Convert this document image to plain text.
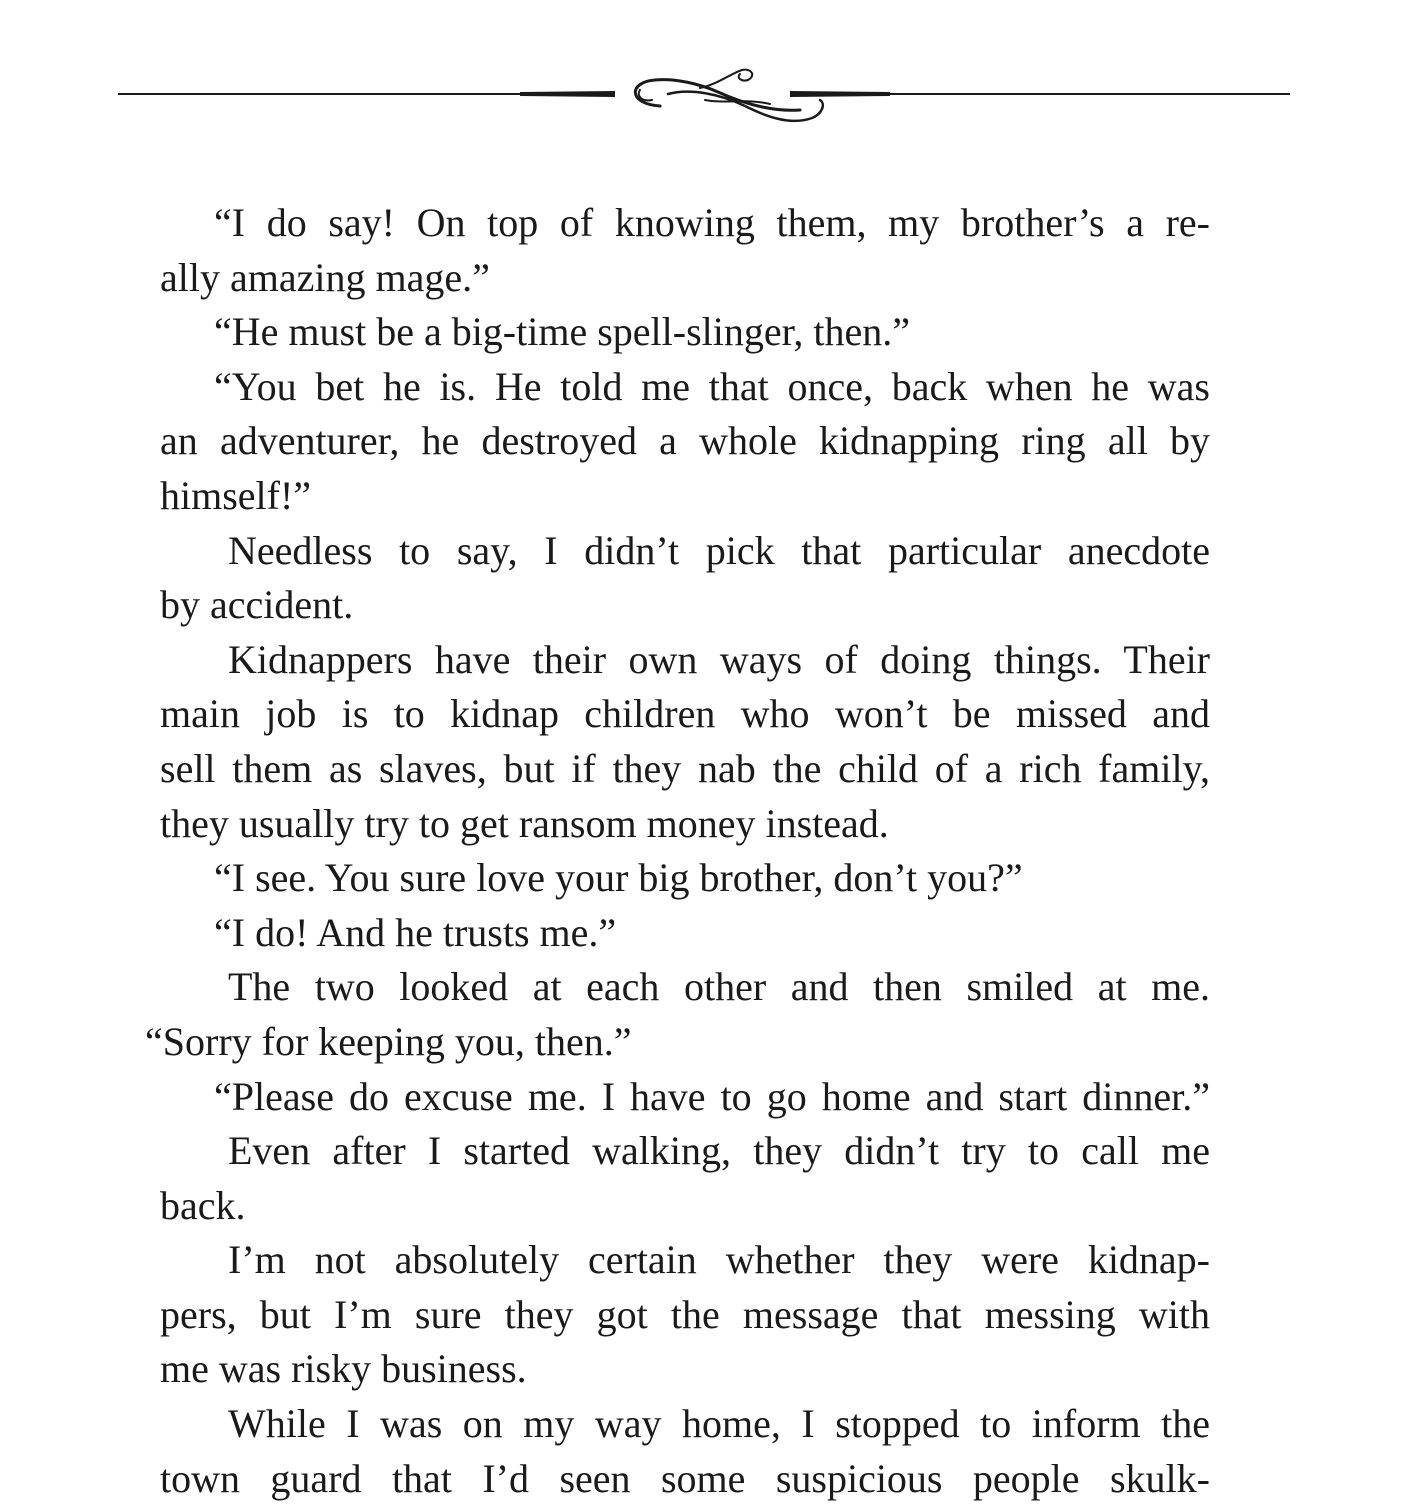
“I do say! On top of knowing them, my brother’s a re-
ally amazing mage.”
“He must be a big-time spell-slinger, then.”
“You bet he is. He told me that once, back when he was
an adventurer, he destroyed a whole kidnapping ring all by
himself!”
Needless to say, I didn’t pick that particular anecdote
by accident.
Kidnappers have their own ways of doing things. Their
main job is to kidnap children who won’t be missed and
sell them as slaves, but if they nab the child of a rich family,
they usually try to get ransom money instead.
“I see. You sure love your big brother, don’t you?”
“I do! And he trusts me.”
The two looked at each other and then smiled at me.
“Sorry for keeping you, then.”
“Please do excuse me. I have to go home and start dinner.”
Even after I started walking, they didn’t try to call me
back.
I’m not absolutely certain whether they were kidnap-
pers, but I’m sure they got the message that messing with
me was risky business.
While I was on my way home, I stopped to inform the
town guard that I’d seen some suspicious people skulk-
